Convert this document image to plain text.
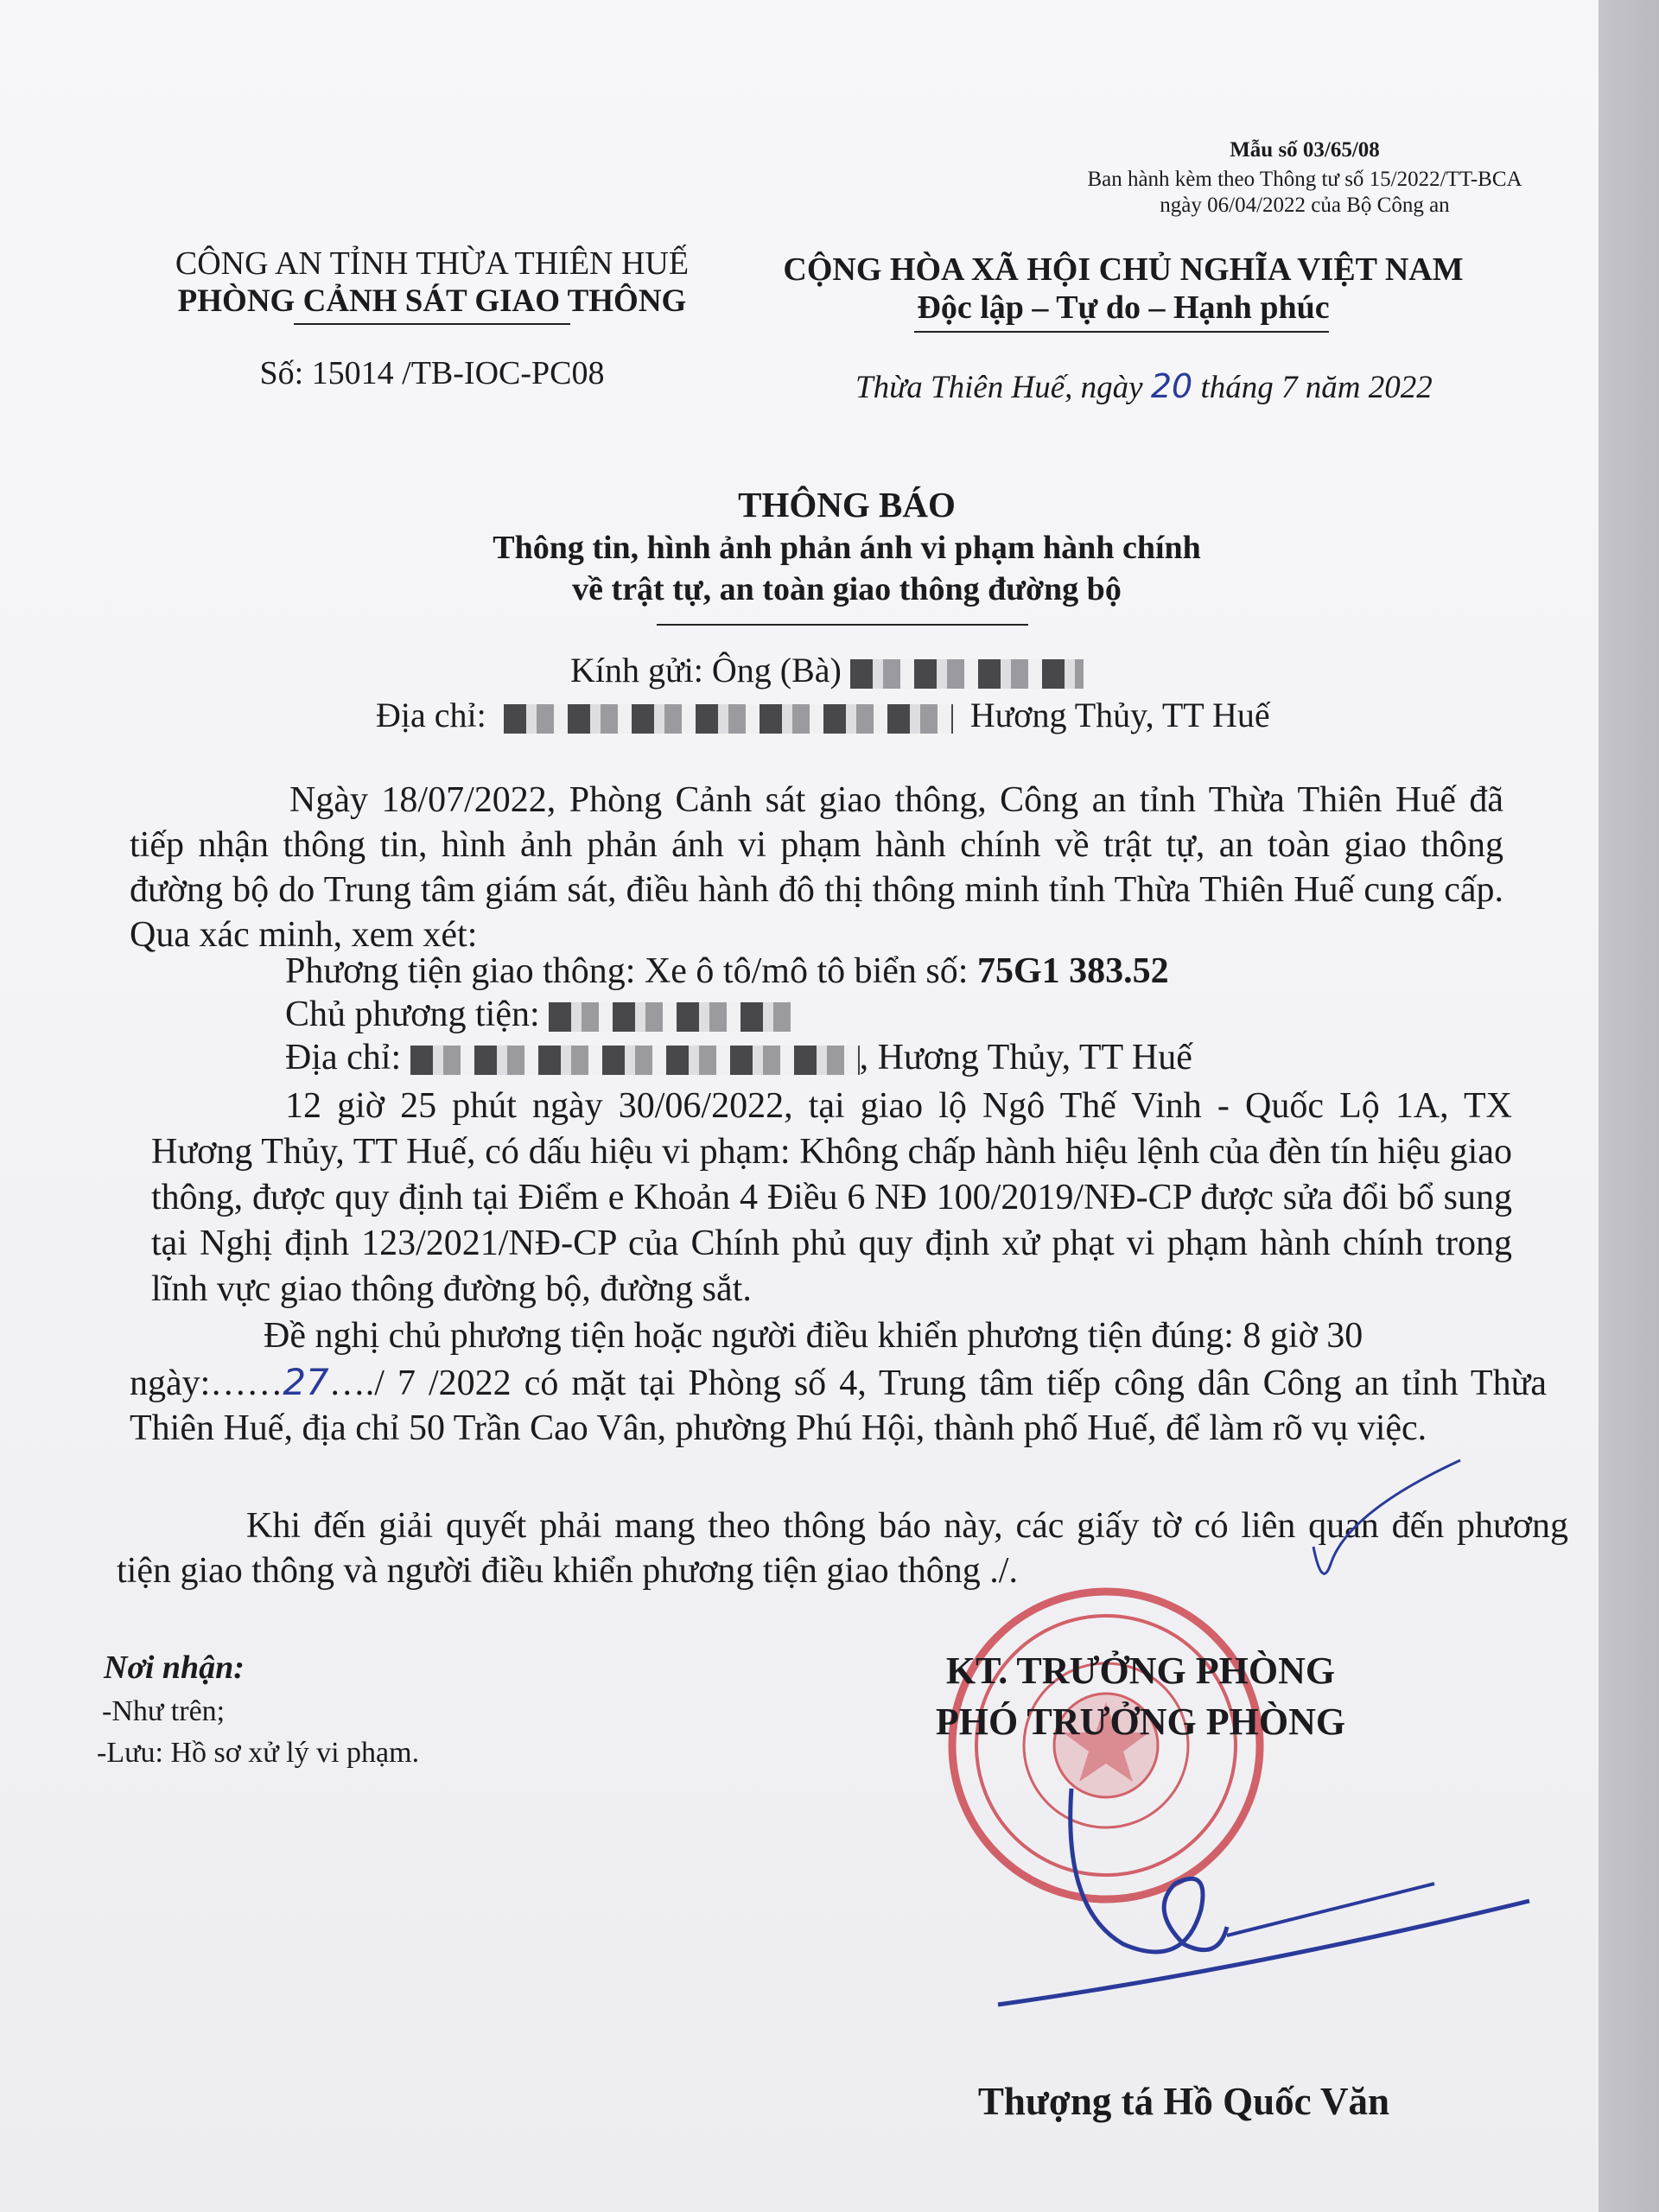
Mẫu số 03/65/08
Ban hành kèm theo Thông tư số 15/2022/TT-BCA
ngày 06/04/2022 của Bộ Công an
CÔNG AN TỈNH THỪA THIÊN HUẾ
PHÒNG CẢNH SÁT GIAO THÔNG
Số: 15014 /TB-IOC-PC08
CỘNG HÒA XÃ HỘI CHỦ NGHĨA VIỆT NAM
Độc lập – Tự do – Hạnh phúc
Thừa Thiên Huế, ngày 20 tháng 7 năm 2022
THÔNG BÁO
Thông tin, hình ảnh phản ánh vi phạm hành chính
về trật tự, an toàn giao thông đường bộ
Kính gửi: Ông (Bà)
Địa chỉ:	Hương Thủy, TT Huế
Ngày 18/07/2022, Phòng Cảnh sát giao thông, Công an tỉnh Thừa Thiên Huế đã tiếp nhận thông tin, hình ảnh phản ánh vi phạm hành chính về trật tự, an toàn giao thông đường bộ do Trung tâm giám sát, điều hành đô thị thông minh tỉnh Thừa Thiên Huế cung cấp. Qua xác minh, xem xét:
Phương tiện giao thông: Xe ô tô/mô tô biển số: 75G1 383.52
Chủ phương tiện:
Địa chỉ:	, Hương Thủy, TT Huế
12 giờ 25 phút ngày 30/06/2022, tại giao lộ Ngô Thế Vinh - Quốc Lộ 1A, TX Hương Thủy, TT Huế, có dấu hiệu vi phạm: Không chấp hành hiệu lệnh của đèn tín hiệu giao thông, được quy định tại Điểm e Khoản 4 Điều 6 NĐ 100/2019/NĐ-CP được sửa đổi bổ sung tại Nghị định 123/2021/NĐ-CP của Chính phủ quy định xử phạt vi phạm hành chính trong lĩnh vực giao thông đường bộ, đường sắt.
Đề nghị chủ phương tiện hoặc người điều khiển phương tiện đúng: 8 giờ 30
ngày:……27…./ 7 /2022 có mặt tại Phòng số 4, Trung tâm tiếp công dân Công an tỉnh Thừa Thiên Huế, địa chỉ 50 Trần Cao Vân, phường Phú Hội, thành phố Huế, để làm rõ vụ việc.
Khi đến giải quyết phải mang theo thông báo này, các giấy tờ có liên quan đến phương tiện giao thông và người điều khiển phương tiện giao thông ./.
Nơi nhận:
-Như trên;
-Lưu: Hồ sơ xử lý vi phạm.
KT. TRƯỞNG PHÒNG
PHÓ TRƯỞNG PHÒNG
Thượng tá Hồ Quốc Văn
